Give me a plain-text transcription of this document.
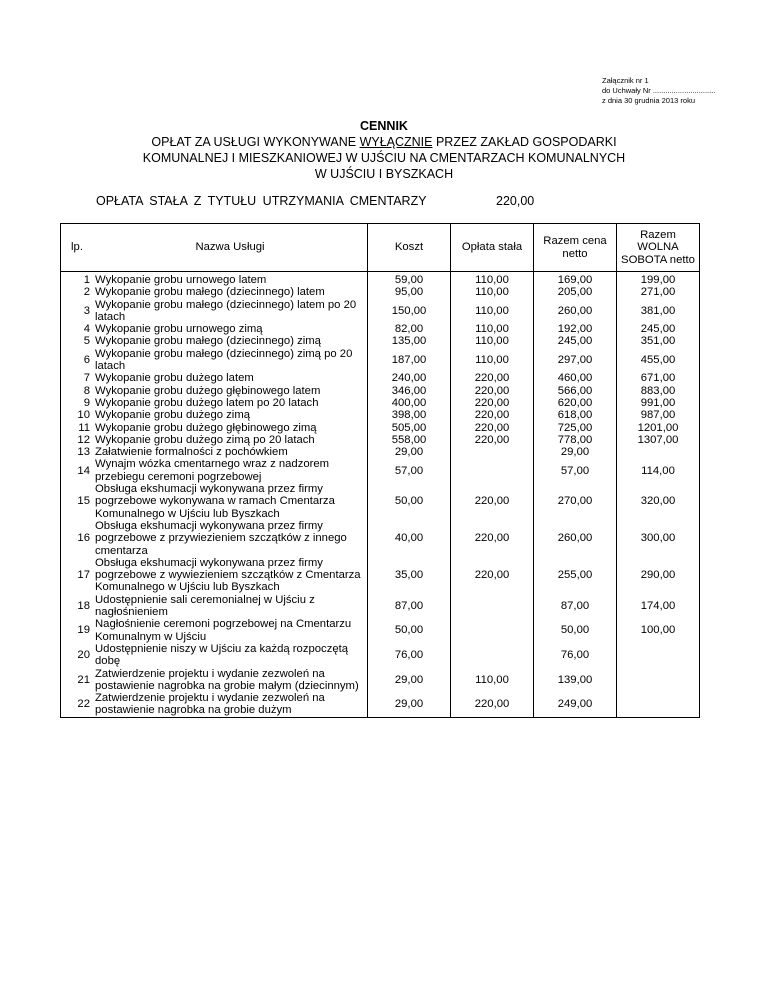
Załącznik nr 1
do Uchwały Nr ..............................
z dnia 30 grudnia 2013 roku
CENNIK
OPŁAT ZA USŁUGI WYKONYWANE WYŁĄCZNIE PRZEZ ZAKŁAD GOSPODARKI
KOMUNALNEJ I MIESZKANIOWEJ W UJŚCIU NA CMENTARZACH KOMUNALNYCH
W UJŚCIU I BYSZKACH
OPŁATA STAŁA Z TYTUŁU UTRZYMANIA CMENTARZY	220,00
lp.	Nazwa Usługi	Koszt	Opłata stała	Razem cena netto	Razem WOLNA SOBOTA netto
1	Wykopanie grobu urnowego latem	59,00	110,00	169,00	199,00
2	Wykopanie grobu małego (dziecinnego) latem	95,00	110,00	205,00	271,00
3	Wykopanie grobu małego (dziecinnego) latem po 20 latach	150,00	110,00	260,00	381,00
4	Wykopanie grobu urnowego zimą	82,00	110,00	192,00	245,00
5	Wykopanie grobu małego (dziecinnego) zimą	135,00	110,00	245,00	351,00
6	Wykopanie grobu małego (dziecinnego) zimą po 20 latach	187,00	110,00	297,00	455,00
7	Wykopanie grobu dużego latem	240,00	220,00	460,00	671,00
8	Wykopanie grobu dużego głębinowego latem	346,00	220,00	566,00	883,00
9	Wykopanie grobu dużego latem po 20 latach	400,00	220,00	620,00	991,00
10	Wykopanie grobu dużego zimą	398,00	220,00	618,00	987,00
11	Wykopanie grobu dużego głębinowego zimą	505,00	220,00	725,00	1201,00
12	Wykopanie grobu dużego zimą po 20 latach	558,00	220,00	778,00	1307,00
13	Załatwienie formalności z pochówkiem	29,00		29,00	
14	Wynajm wózka cmentarnego wraz z nadzorem przebiegu ceremoni pogrzebowej	57,00		57,00	114,00
15	Obsługa ekshumacji wykonywana przez firmy pogrzebowe wykonywana w ramach Cmentarza Komunalnego w Ujściu lub Byszkach	50,00	220,00	270,00	320,00
16	Obsługa ekshumacji wykonywana przez firmy pogrzebowe z przywiezieniem szczątków z innego cmentarza	40,00	220,00	260,00	300,00
17	Obsługa ekshumacji wykonywana przez firmy pogrzebowe z wywiezieniem szczątków z Cmentarza Komunalnego w Ujściu lub Byszkach	35,00	220,00	255,00	290,00
18	Udostępnienie sali ceremonialnej w Ujściu z nagłośnieniem	87,00		87,00	174,00
19	Nagłośnienie ceremoni pogrzebowej na Cmentarzu Komunalnym w Ujściu	50,00		50,00	100,00
20	Udostępnienie niszy w Ujściu za każdą rozpoczętą dobę	76,00		76,00	
21	Zatwierdzenie projektu i wydanie zezwoleń na postawienie nagrobka na grobie małym (dziecinnym)	29,00	110,00	139,00	
22	Zatwierdzenie projektu i wydanie zezwoleń na postawienie nagrobka na grobie dużym	29,00	220,00	249,00	
